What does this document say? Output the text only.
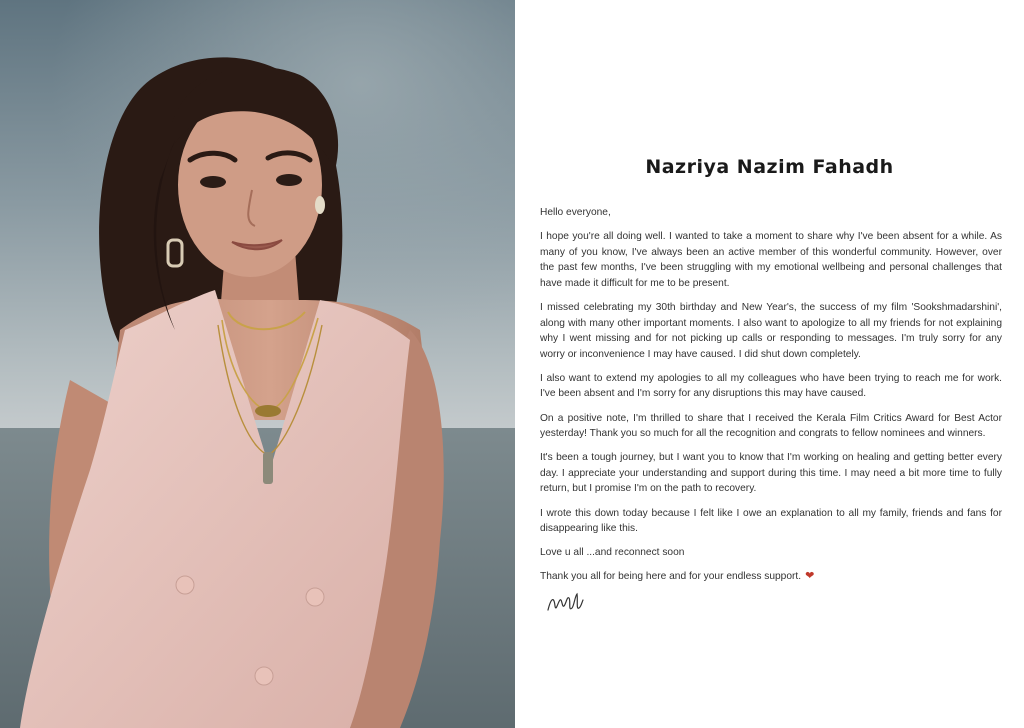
Nazriya Nazim Fahadh

Hello everyone,

I hope you're all doing well. I wanted to take a moment to share why I've been absent for a while. As many of you know, I've always been an active member of this wonderful community. However, over the past few months, I've been struggling with my emotional wellbeing and personal challenges that have made it difficult for me to be present.

I missed celebrating my 30th birthday and New Year's, the success of my film 'Sookshmadarshini', along with many other important moments. I also want to apologize to all my friends for not explaining why I went missing and for not picking up calls or responding to messages. I'm truly sorry for any worry or inconvenience I may have caused. I did shut down completely.

I also want to extend my apologies to all my colleagues who have been trying to reach me for work. I've been absent and I'm sorry for any disruptions this may have caused.

On a positive note, I'm thrilled to share that I received the Kerala Film Critics Award for Best Actor yesterday! Thank you so much for all the recognition and congrats to fellow nominees and winners.

It's been a tough journey, but I want you to know that I'm working on healing and getting better every day. I appreciate your understanding and support during this time. I may need a bit more time to fully return, but I promise I'm on the path to recovery.

I wrote this down today because I felt like I owe an explanation to all my family, friends and fans for disappearing like this.

Love u all ...and reconnect soon

Thank you all for being here and for your endless support. ❤
